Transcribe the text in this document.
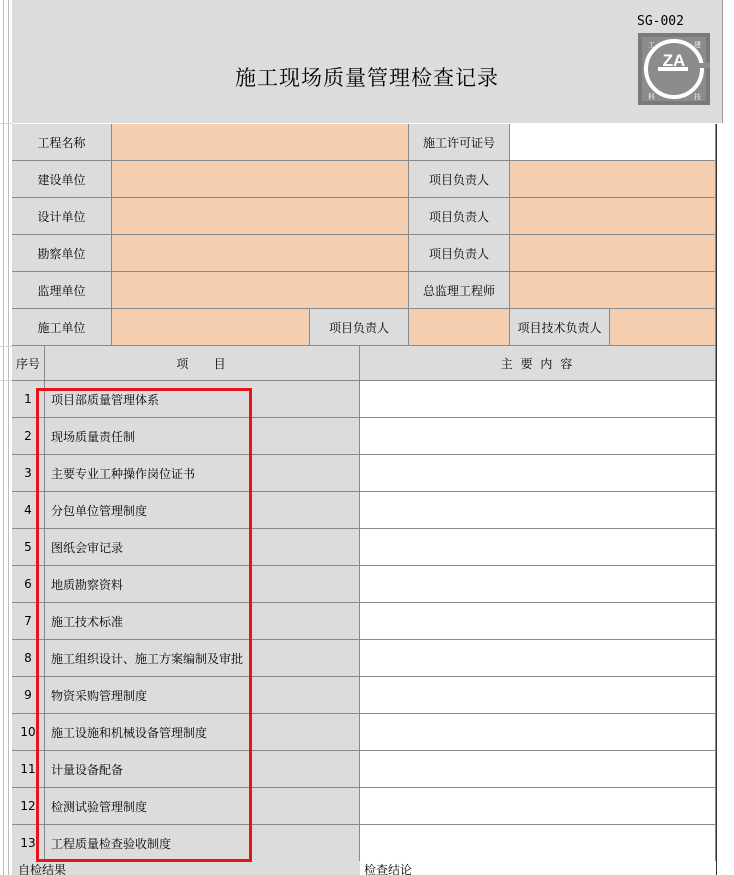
SG-002
施工现场质量管理检查记录
ZA
工	建
科	技
工程名称	施工许可证号
建设单位	项目负责人
设计单位	项目负责人
勘察单位	项目负责人
监理单位	总监理工程师
施工单位	项目负责人	项目技术负责人
序号	项    目	主 要 内 容
1	项目部质量管理体系
2	现场质量责任制
3	主要专业工种操作岗位证书
4	分包单位管理制度
5	图纸会审记录
6	地质勘察资料
7	施工技术标准
8	施工组织设计、施工方案编制及审批
9	物资采购管理制度
10	施工设施和机械设备管理制度
11	计量设备配备
12	检测试验管理制度
13	工程质量检查验收制度
自检结果	检查结论
